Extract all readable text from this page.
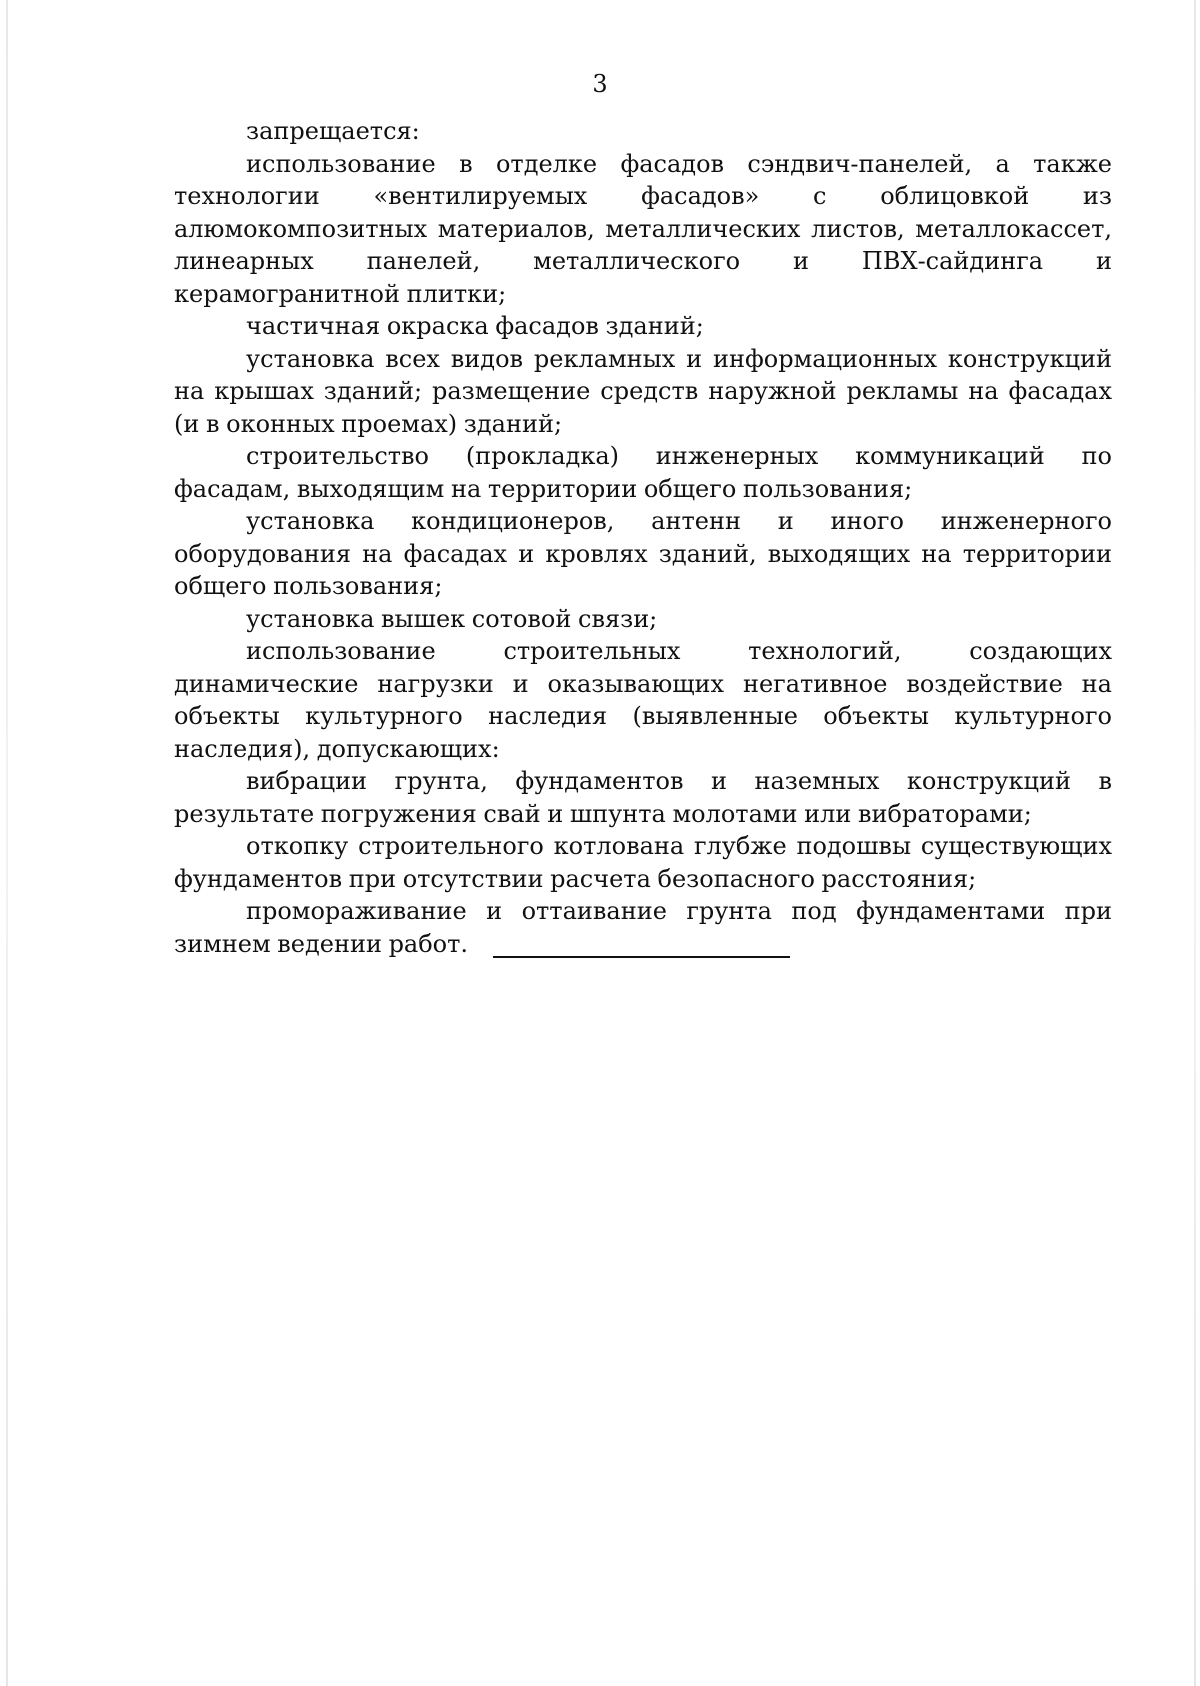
3

запрещается:

использование в отделке фасадов сэндвич-панелей, а также технологии «вентилируемых фасадов» с облицовкой из алюмокомпозитных материалов, металлических листов, металлокассет, линеарных панелей, металлического и ПВХ-сайдинга и керамогранитной плитки;

частичная окраска фасадов зданий;

установка всех видов рекламных и информационных конструкций на крышах зданий; размещение средств наружной рекламы на фасадах (и в оконных проемах) зданий;

строительство (прокладка) инженерных коммуникаций по фасадам, выходящим на территории общего пользования;

установка кондиционеров, антенн и иного инженерного оборудования на фасадах и кровлях зданий, выходящих на территории общего пользования;

установка вышек сотовой связи;

использование строительных технологий, создающих динамические нагрузки и оказывающих негативное воздействие на объекты культурного наследия (выявленные объекты культурного наследия), допускающих:

вибрации грунта, фундаментов и наземных конструкций в результате погружения свай и шпунта молотами или вибраторами;

откопку строительного котлована глубже подошвы существующих фундаментов при отсутствии расчета безопасного расстояния;

промораживание и оттаивание грунта под фундаментами при зимнем ведении работ.
